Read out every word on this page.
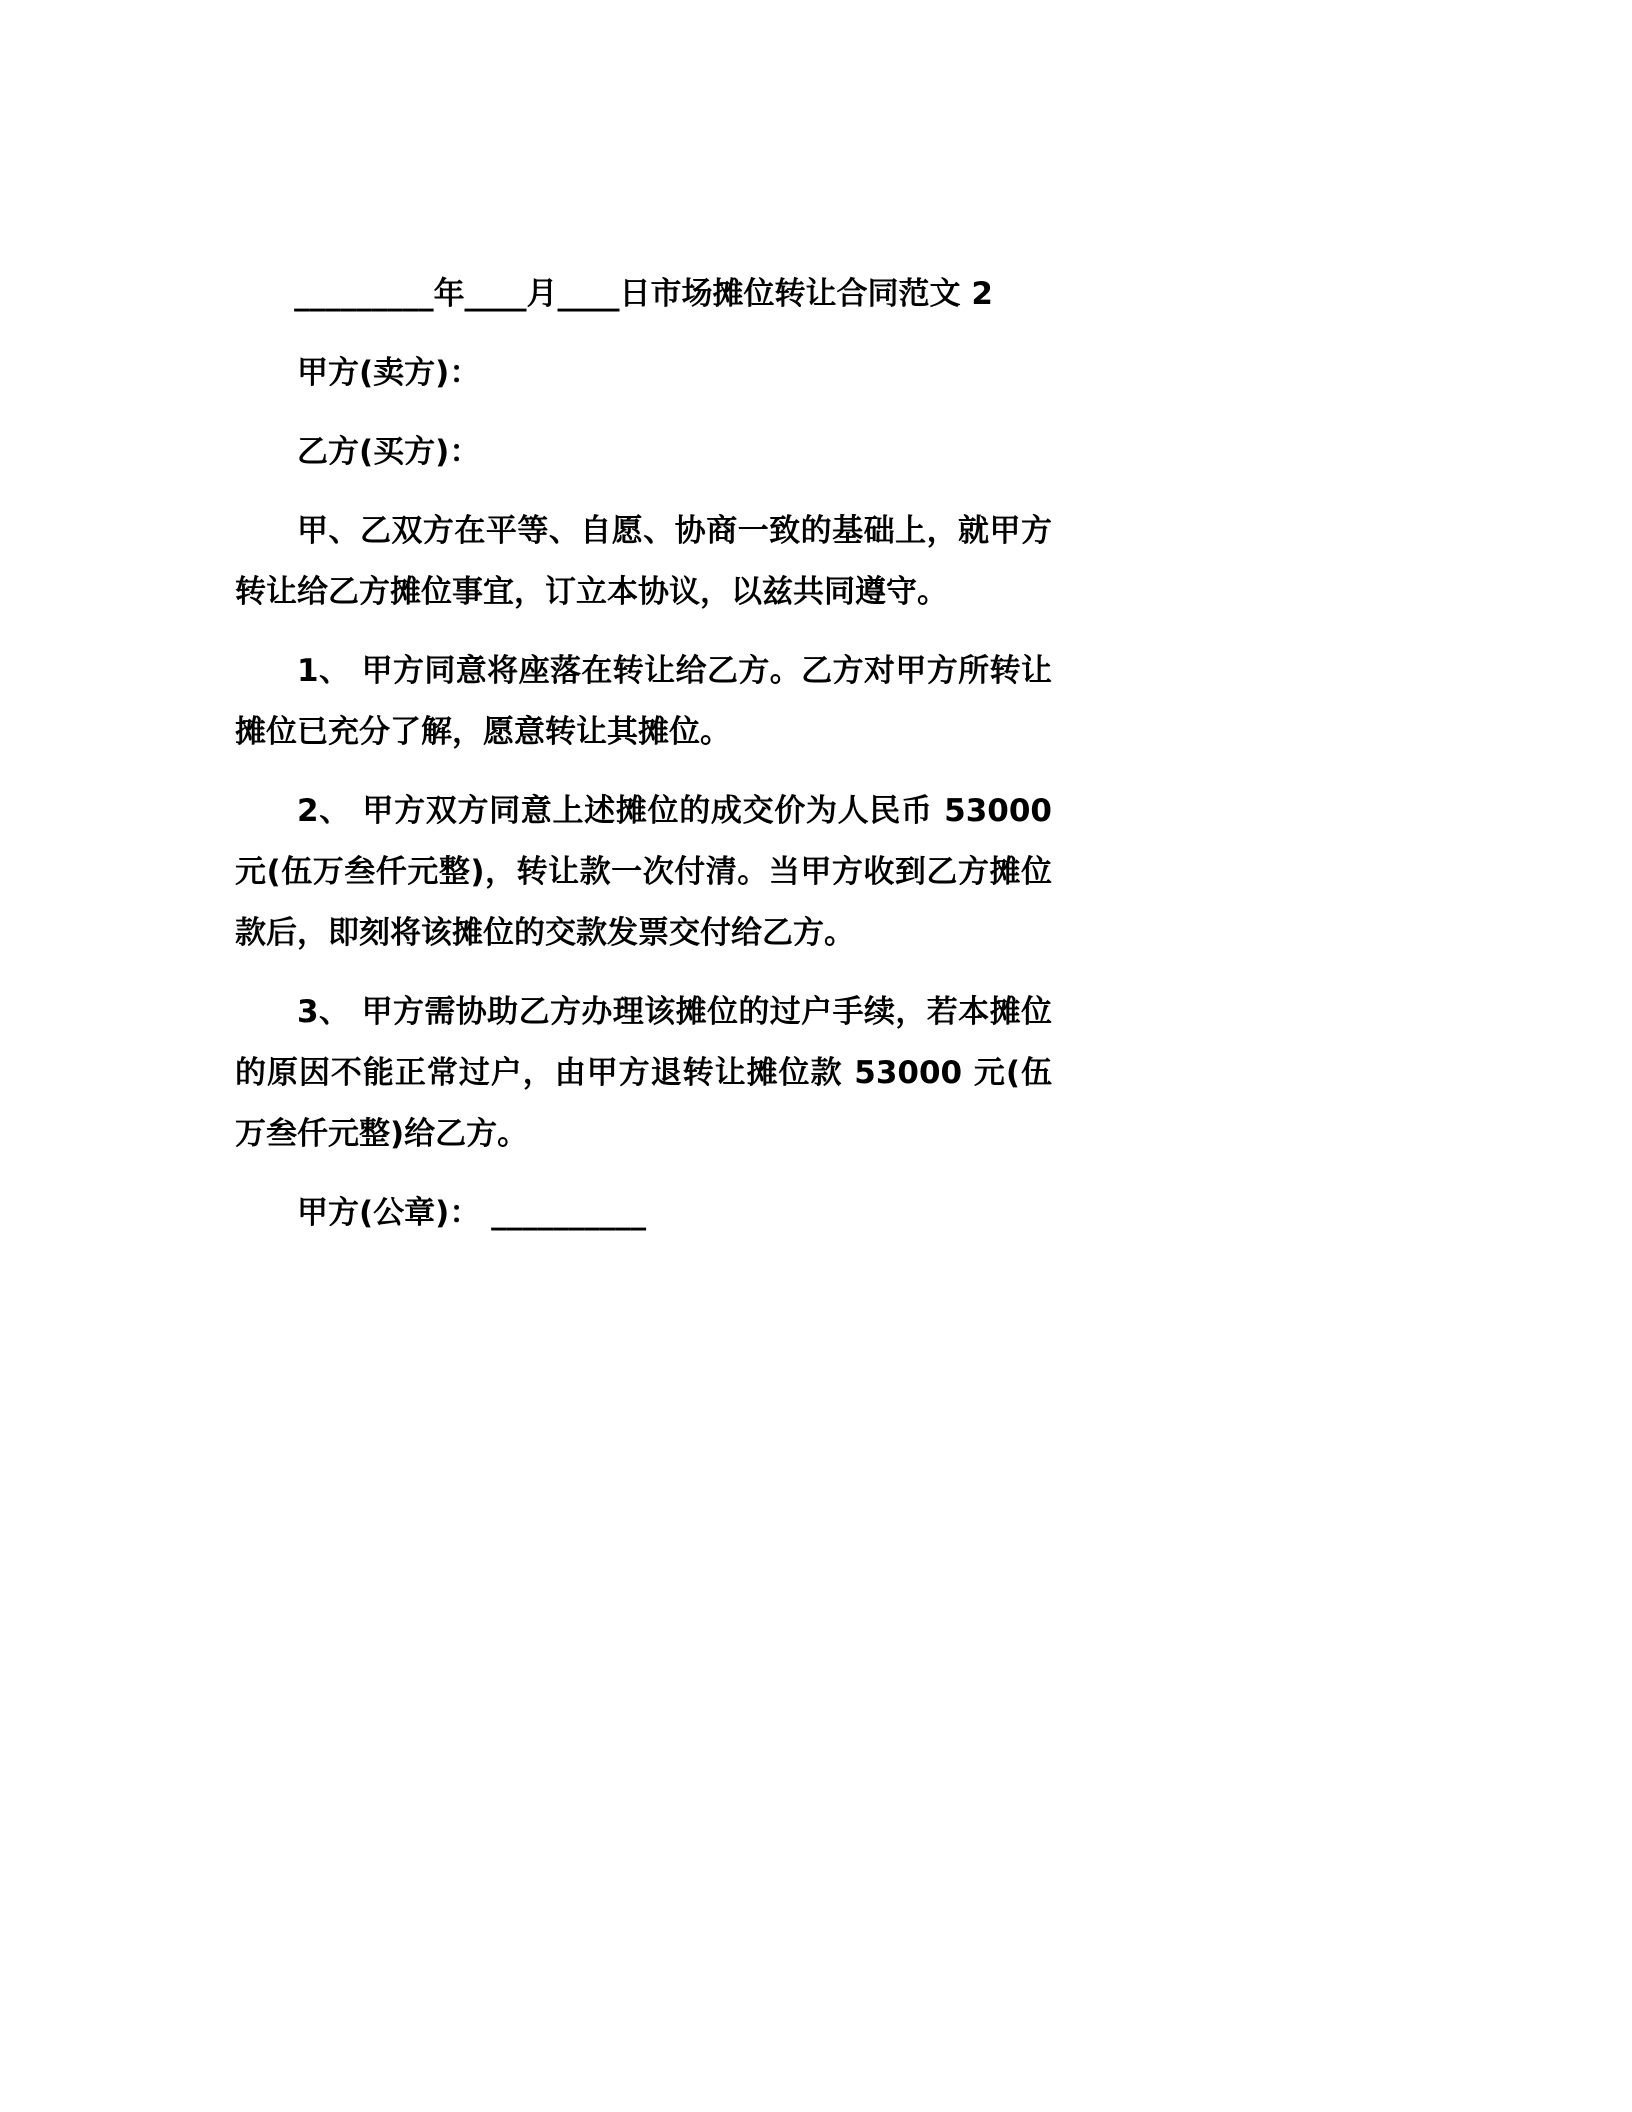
_________年____月____日市场摊位转让合同范文 2

甲方(卖方)：

乙方(买方)：

甲、乙双方在平等、自愿、协商一致的基础上，就甲方转让给乙方摊位事宜，订立本协议，以兹共同遵守。

1、 甲方同意将座落在转让给乙方。乙方对甲方所转让摊位已充分了解，愿意转让其摊位。

2、 甲方双方同意上述摊位的成交价为人民币 53000 元(伍万叁仟元整)，转让款一次付清。当甲方收到乙方摊位款后，即刻将该摊位的交款发票交付给乙方。

3、 甲方需协助乙方办理该摊位的过户手续，若本摊位的原因不能正常过户，由甲方退转让摊位款 53000 元(伍万叁仟元整)给乙方。

甲方(公章)： __________
